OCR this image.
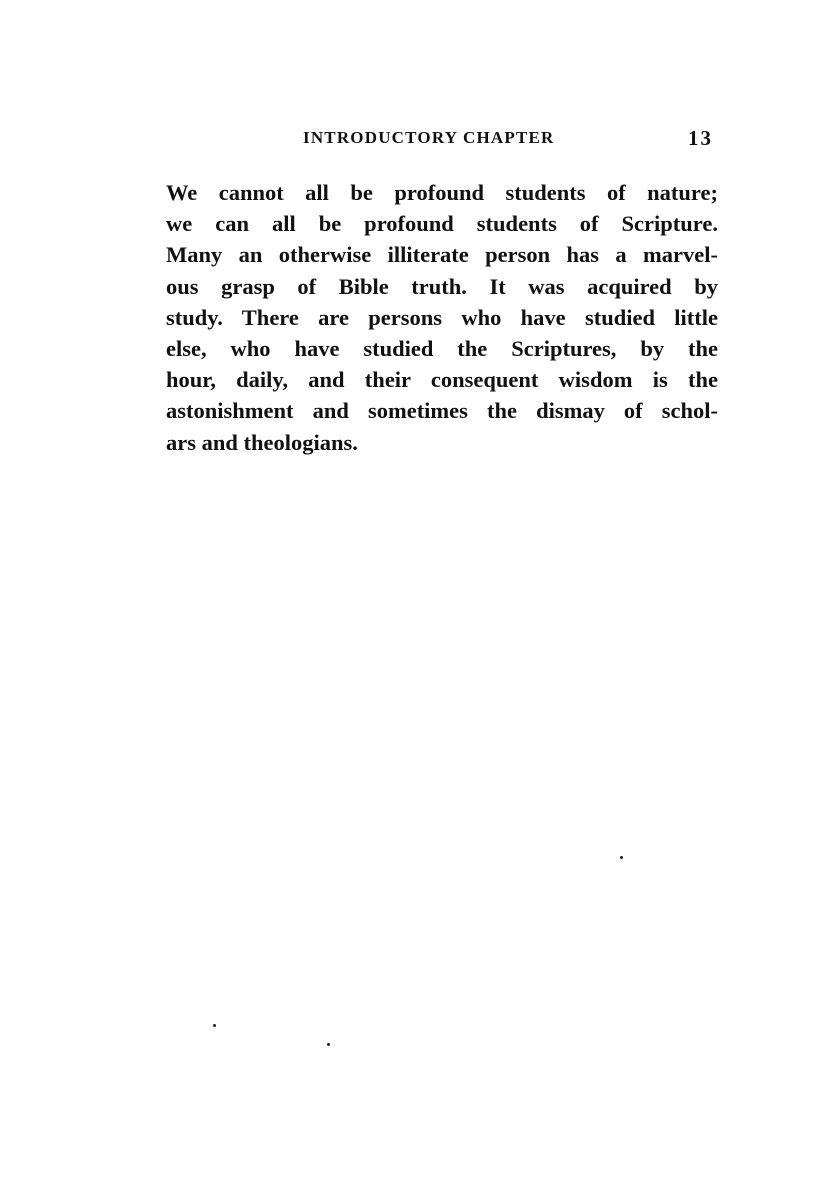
INTRODUCTORY CHAPTER	13
We cannot all be profound students of nature;
we can all be profound students of Scripture.
Many an otherwise illiterate person has a marvel-
ous grasp of Bible truth. It was acquired by
study. There are persons who have studied little
else, who have studied the Scriptures, by the
hour, daily, and their consequent wisdom is the
astonishment and sometimes the dismay of schol-
ars and theologians.
